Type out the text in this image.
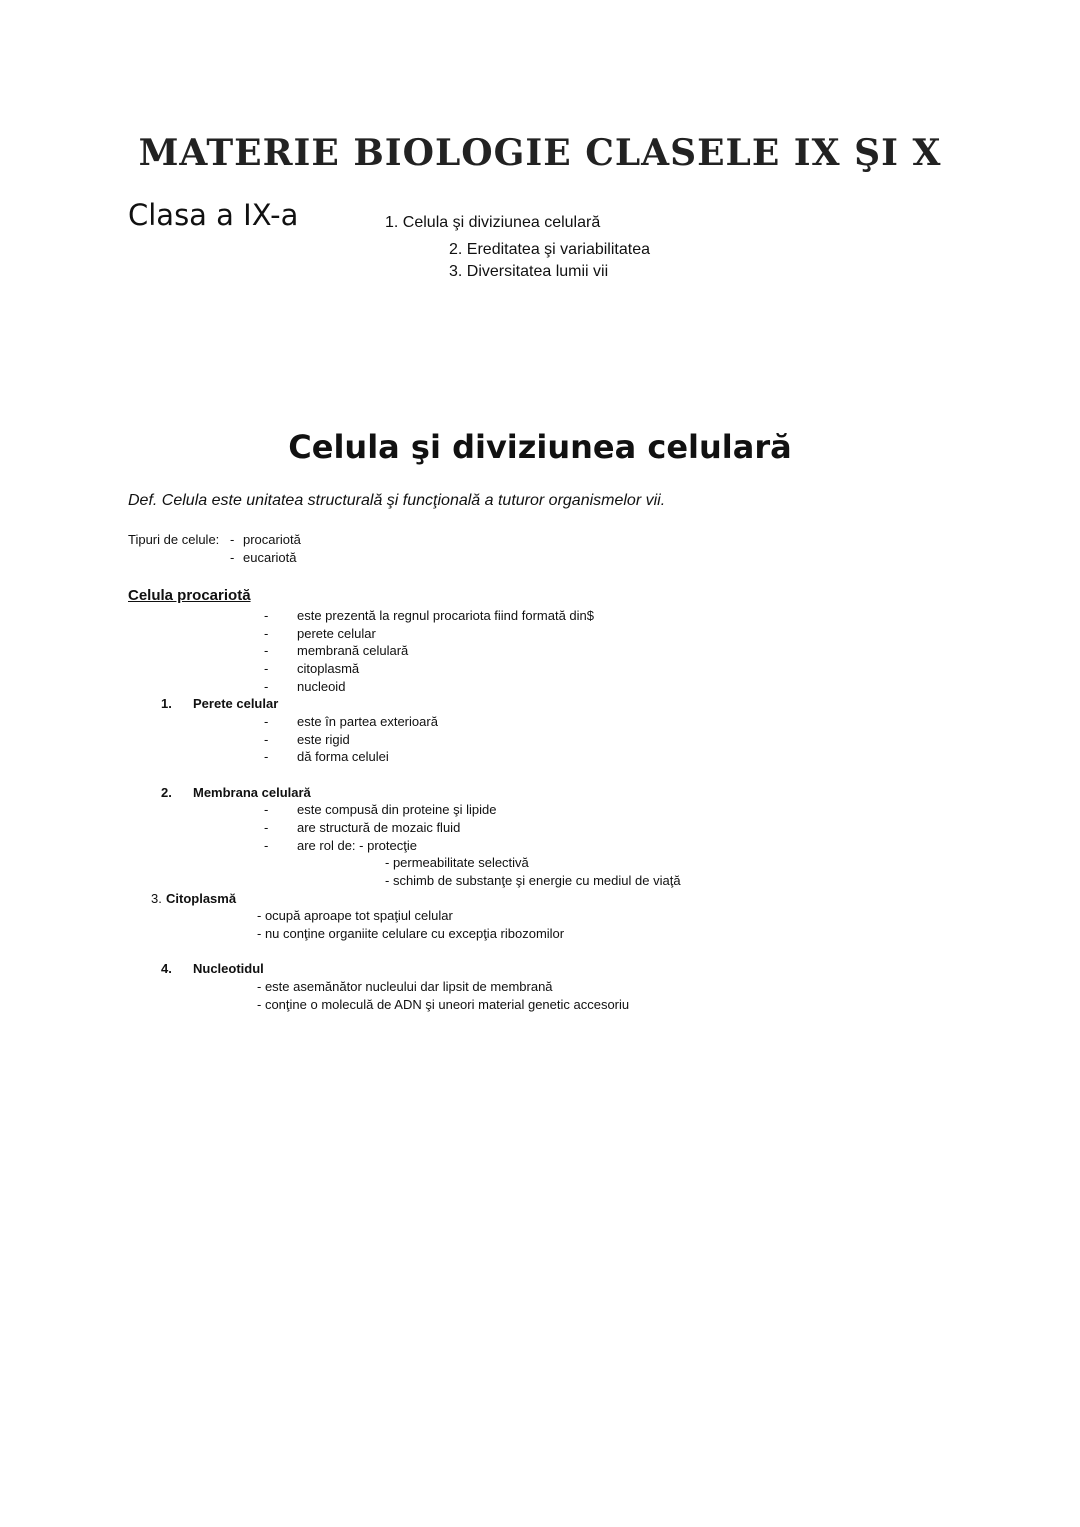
MATERIE BIOLOGIE CLASELE IX ŞI X
Clasa a IX-a	1. Celula şi diviziunea celulară
2. Ereditatea şi variabilitatea
3. Diversitatea lumii vii
Celula şi diviziunea celulară
Def. Celula este unitatea structurală şi funcţională a tuturor organismelor vii.
Tipuri de celule: - procariotă
- eucariotă
Celula procariotă
- este prezentă la regnul procariota fiind formată din$
- perete celular
- membrană celulară
- citoplasmă
- nucleoid
1. Perete celular
- este în partea exterioară
- este rigid
- dă forma celulei
2. Membrana celulară
- este compusă din proteine şi lipide
- are structură de mozaic fluid
- are rol de: - protecţie
- permeabilitate selectivă
- schimb de substanţe şi energie cu mediul de viaţă
3. Citoplasmă
- ocupă aproape tot spaţiul celular
- nu conţine organiite celulare cu excepţia ribozomilor
4. Nucleotidul
- este asemănător nucleului dar lipsit de membrană
- conţine o moleculă de ADN şi uneori material genetic accesoriu
